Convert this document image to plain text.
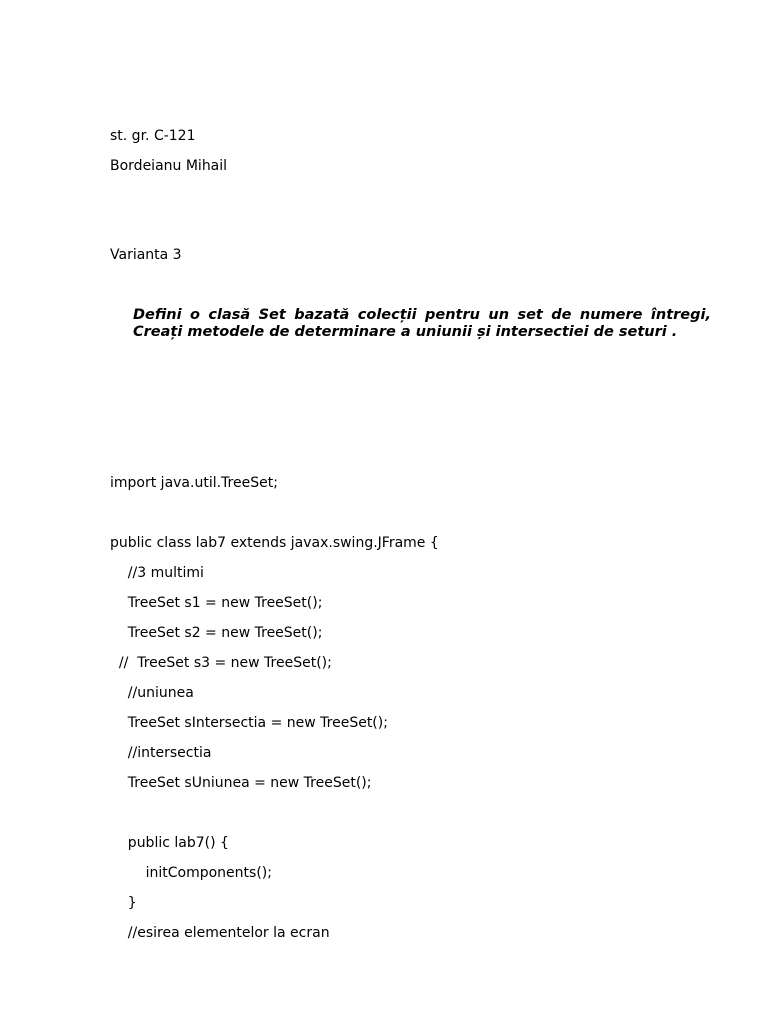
st. gr. C-121
Bordeianu Mihail
Varianta 3
Defini o clasă Set bazată colecții pentru un set de numere întregi,
Creați metodele de determinare a uniunii și intersectiei de seturi .
import java.util.TreeSet;
public class lab7 extends javax.swing.JFrame {
//3 multimi
TreeSet s1 = new TreeSet();
TreeSet s2 = new TreeSet();
//  TreeSet s3 = new TreeSet();
//uniunea
TreeSet sIntersectia = new TreeSet();
//intersectia
TreeSet sUniunea = new TreeSet();
public lab7() {
initComponents();
}
//esirea elementelor la ecran
